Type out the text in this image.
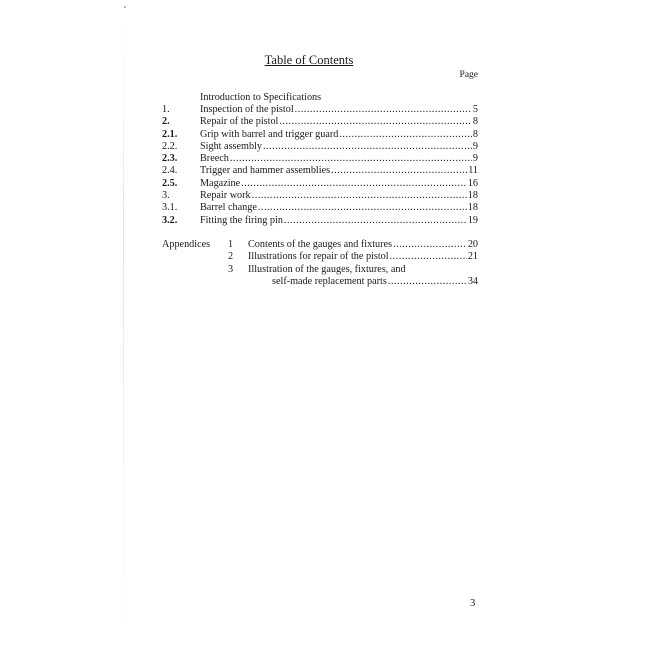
Table of Contents
Page
Introduction to Specifications
1.	Inspection of the pistol .....	5
2.	Repair of the pistol .....	8
2.1.	Grip with barrel and trigger guard .....	8
2.2.	Sight assembly .....	9
2.3.	Breech .....	9
2.4.	Trigger and hammer assemblies .....	11
2.5.	Magazine .....	16
3.	Repair work .....	18
3.1.	Barrel change .....	18
3.2.	Fitting the firing pin .....	19
Appendices	1	Contents of the gauges and fixtures .....	20
2	Illustrations for repair of the pistol .....	21
3	Illustration of the gauges, fixtures, and
self-made replacement parts .....	34
3
